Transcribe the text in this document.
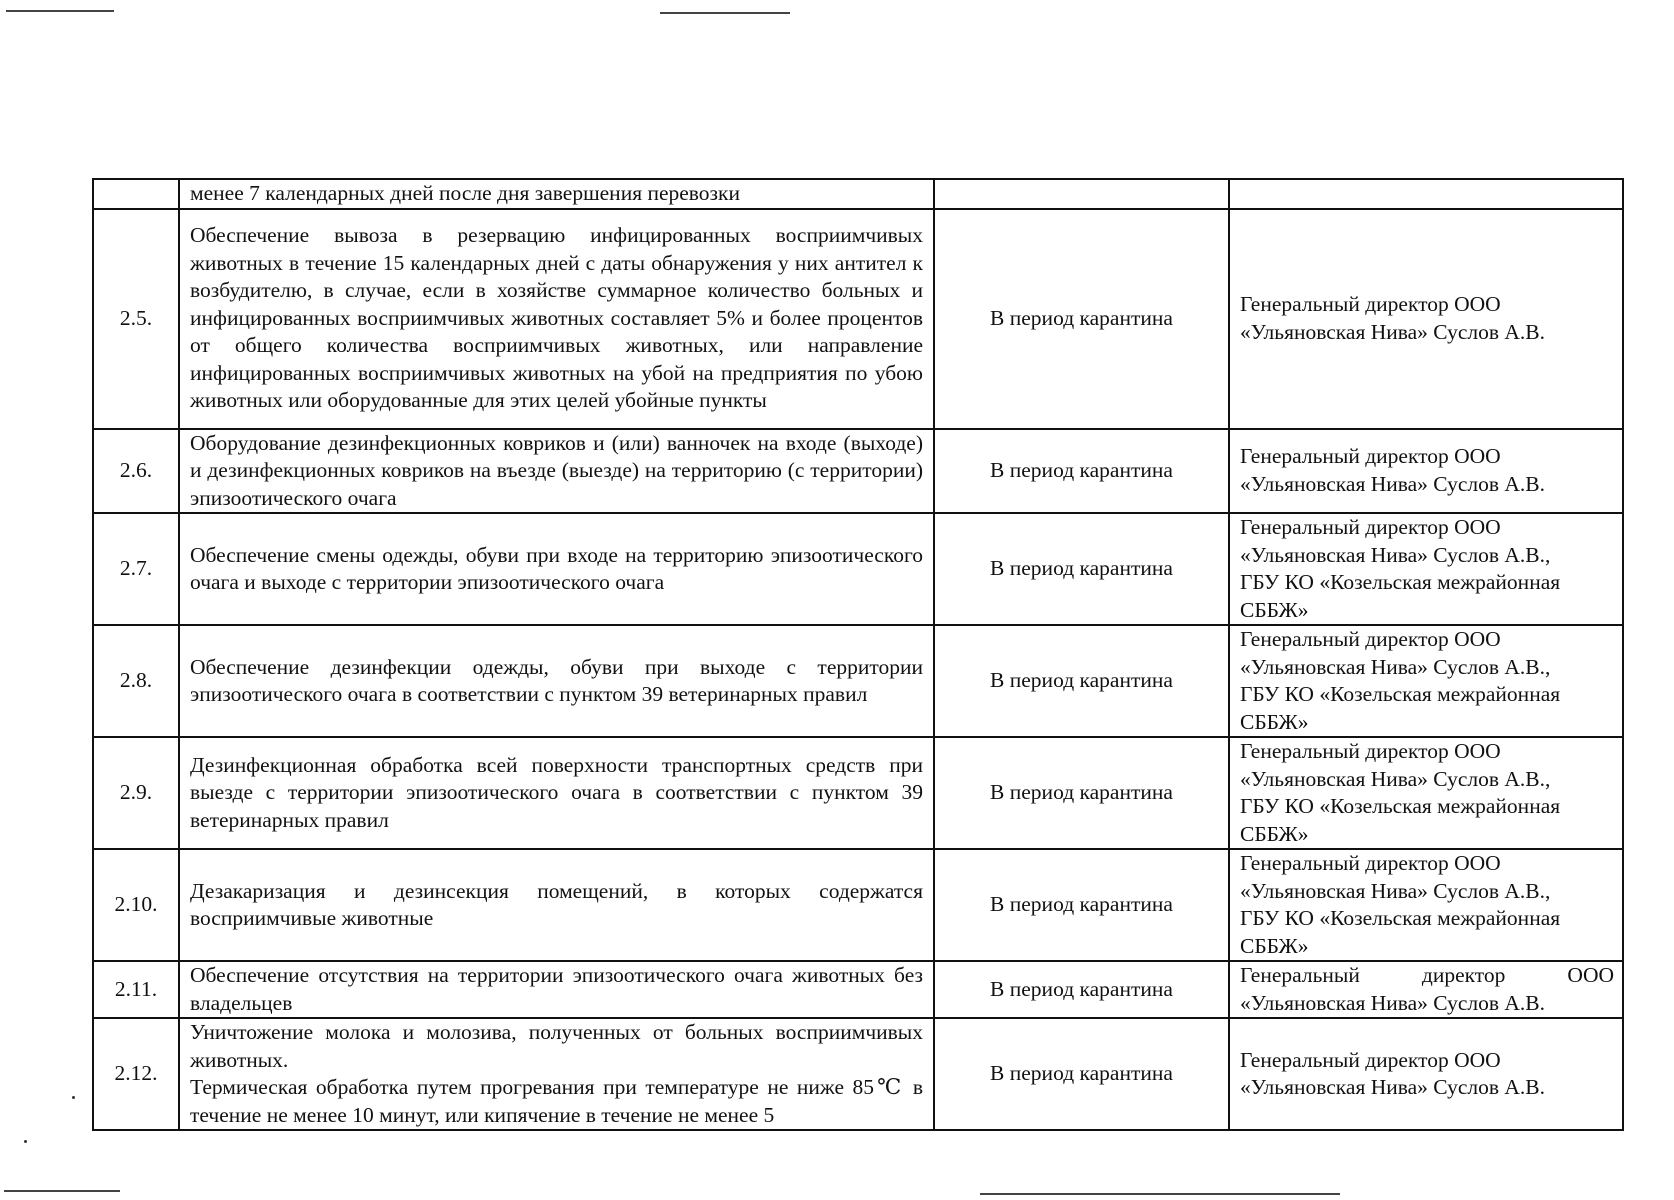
	менее 7 календарных дней после дня завершения перевозки		

2.5.	Обеспечение вывоза в резервацию инфицированных восприимчивых животных в течение 15 календарных дней с даты обнаружения у них антител к возбудителю, в случае, если в хозяйстве суммарное количество больных и инфицированных восприимчивых животных составляет 5% и более процентов от общего количества восприимчивых животных, или направление инфицированных восприимчивых животных на убой на предприятия по убою животных или оборудованные для этих целей убойные пункты	В период карантина	Генеральный директор ООО
«Ульяновская Нива» Суслов А.В.

2.6.	Оборудование дезинфекционных ковриков и (или) ванночек на входе (выходе) и дезинфекционных ковриков на въезде (выезде) на территорию (с территории) эпизоотического очага	В период карантина	Генеральный директор ООО
«Ульяновская Нива» Суслов А.В.

2.7.	Обеспечение смены одежды, обуви при входе на территорию эпизоотического очага и выходе с территории эпизоотического очага	В период карантина	Генеральный директор ООО
«Ульяновская Нива» Суслов А.В.,
ГБУ КО «Козельская межрайонная
СББЖ»

2.8.	Обеспечение дезинфекции одежды, обуви при выходе с территории эпизоотического очага в соответствии с пунктом 39 ветеринарных правил	В период карантина	Генеральный директор ООО
«Ульяновская Нива» Суслов А.В.,
ГБУ КО «Козельская межрайонная
СББЖ»

2.9.	Дезинфекционная обработка всей поверхности транспортных средств при выезде с территории эпизоотического очага в соответствии с пунктом 39 ветеринарных правил	В период карантина	Генеральный директор ООО
«Ульяновская Нива» Суслов А.В.,
ГБУ КО «Козельская межрайонная
СББЖ»

2.10.	Дезакаризация и дезинсекция помещений, в которых содержатся восприимчивые животные	В период карантина	Генеральный директор ООО
«Ульяновская Нива» Суслов А.В.,
ГБУ КО «Козельская межрайонная
СББЖ»

2.11.	Обеспечение отсутствия на территории эпизоотического очага животных без владельцев	В период карантина	Генеральный директор ООО
«Ульяновская Нива» Суслов А.В.

2.12.	Уничтожение молока и молозива, полученных от больных восприимчивых животных.
Термическая обработка путем прогревания при температуре не ниже 85℃ в течение не менее 10 минут, или кипячение в течение не менее 5	В период карантина	Генеральный директор ООО
«Ульяновская Нива» Суслов А.В.
